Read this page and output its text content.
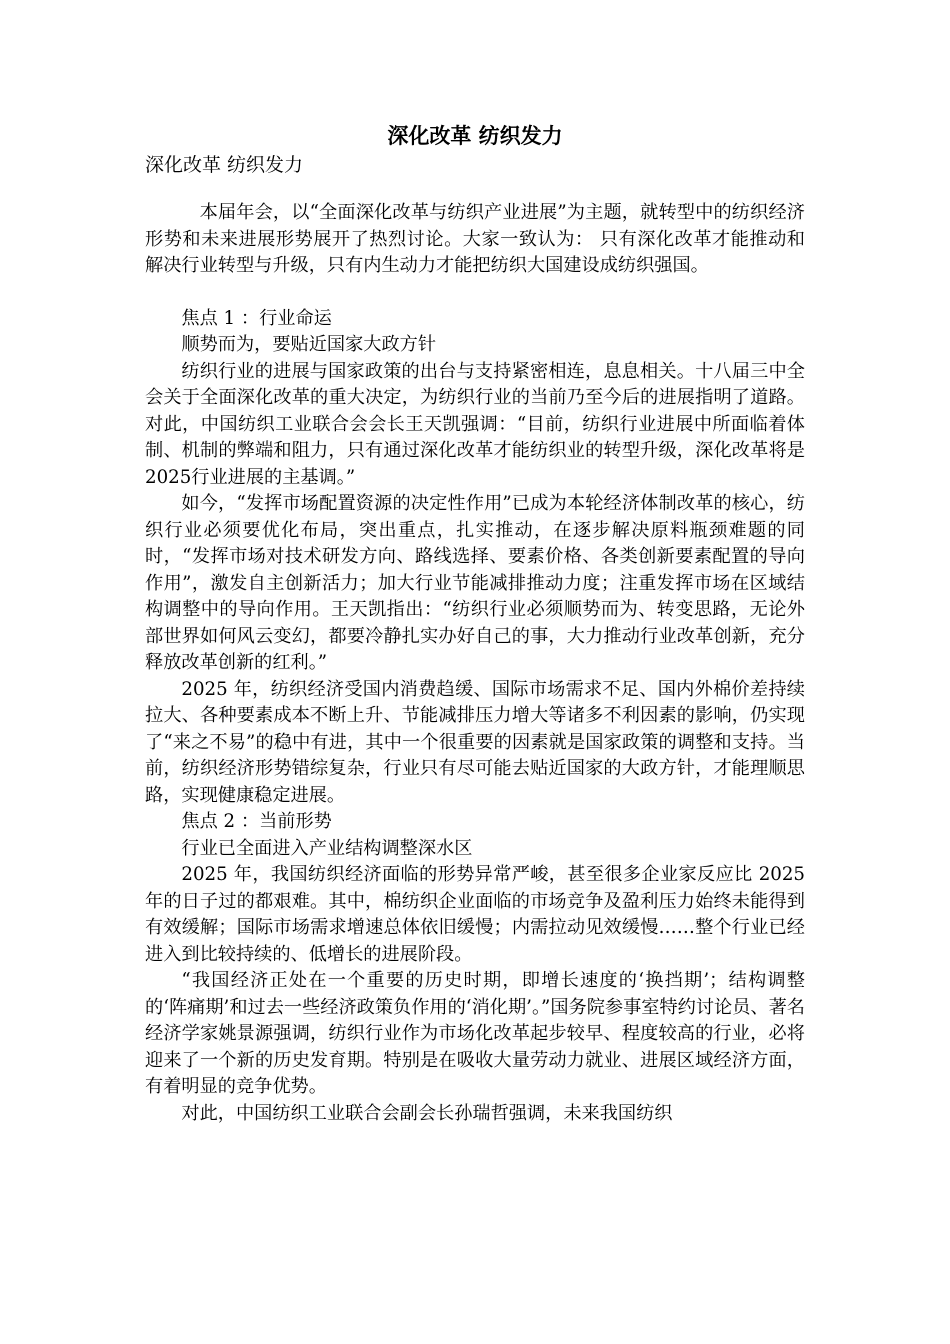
深化改革 纺织发力

深化改革 纺织发力

本届年会，以“全面深化改革与纺织产业进展”为主题，就转型中的纺织经济形势和未来进展形势展开了热烈讨论。大家一致认为： 只有深化改革才能推动和解决行业转型与升级，只有内生动力才能把纺织大国建设成纺织强国。

焦点 1 ：行业命运

顺势而为，要贴近国家大政方针

纺织行业的进展与国家政策的出台与支持紧密相连，息息相关。十八届三中全会关于全面深化改革的重大决定，为纺织行业的当前乃至今后的进展指明了道路。对此，中国纺织工业联合会会长王天凯强调：“目前，纺织行业进展中所面临着体制、机制的弊端和阻力，只有通过深化改革才能纺织业的转型升级，深化改革将是2025行业进展的主基调。”

如今，“发挥市场配置资源的决定性作用”已成为本轮经济体制改革的核心，纺织行业必须要优化布局，突出重点，扎实推动，在逐步解决原料瓶颈难题的同时，“发挥市场对技术研发方向、路线选择、要素价格、各类创新要素配置的导向作用”，激发自主创新活力；加大行业节能减排推动力度；注重发挥市场在区域结构调整中的导向作用。王天凯指出：“纺织行业必须顺势而为、转变思路，无论外部世界如何风云变幻，都要冷静扎实办好自己的事，大力推动行业改革创新，充分释放改革创新的红利。”

2025 年，纺织经济受国内消费趋缓、国际市场需求不足、国内外棉价差持续拉大、各种要素成本不断上升、节能减排压力增大等诸多不利因素的影响，仍实现了“来之不易”的稳中有进，其中一个很重要的因素就是国家政策的调整和支持。当前，纺织经济形势错综复杂，行业只有尽可能去贴近国家的大政方针，才能理顺思路，实现健康稳定进展。

焦点 2 ：当前形势

行业已全面进入产业结构调整深水区

2025 年，我国纺织经济面临的形势异常严峻，甚至很多企业家反应比 2025 年的日子过的都艰难。其中，棉纺织企业面临的市场竞争及盈利压力始终未能得到有效缓解；国际市场需求增速总体依旧缓慢；内需拉动见效缓慢……整个行业已经进入到比较持续的、低增长的进展阶段。

“我国经济正处在一个重要的历史时期，即增长速度的‘换挡期’；结构调整的‘阵痛期’和过去一些经济政策负作用的‘消化期’。”国务院参事室特约讨论员、著名经济学家姚景源强调，纺织行业作为市场化改革起步较早、程度较高的行业，必将迎来了一个新的历史发育期。特别是在吸收大量劳动力就业、进展区域经济方面，有着明显的竞争优势。

对此，中国纺织工业联合会副会长孙瑞哲强调，未来我国纺织
